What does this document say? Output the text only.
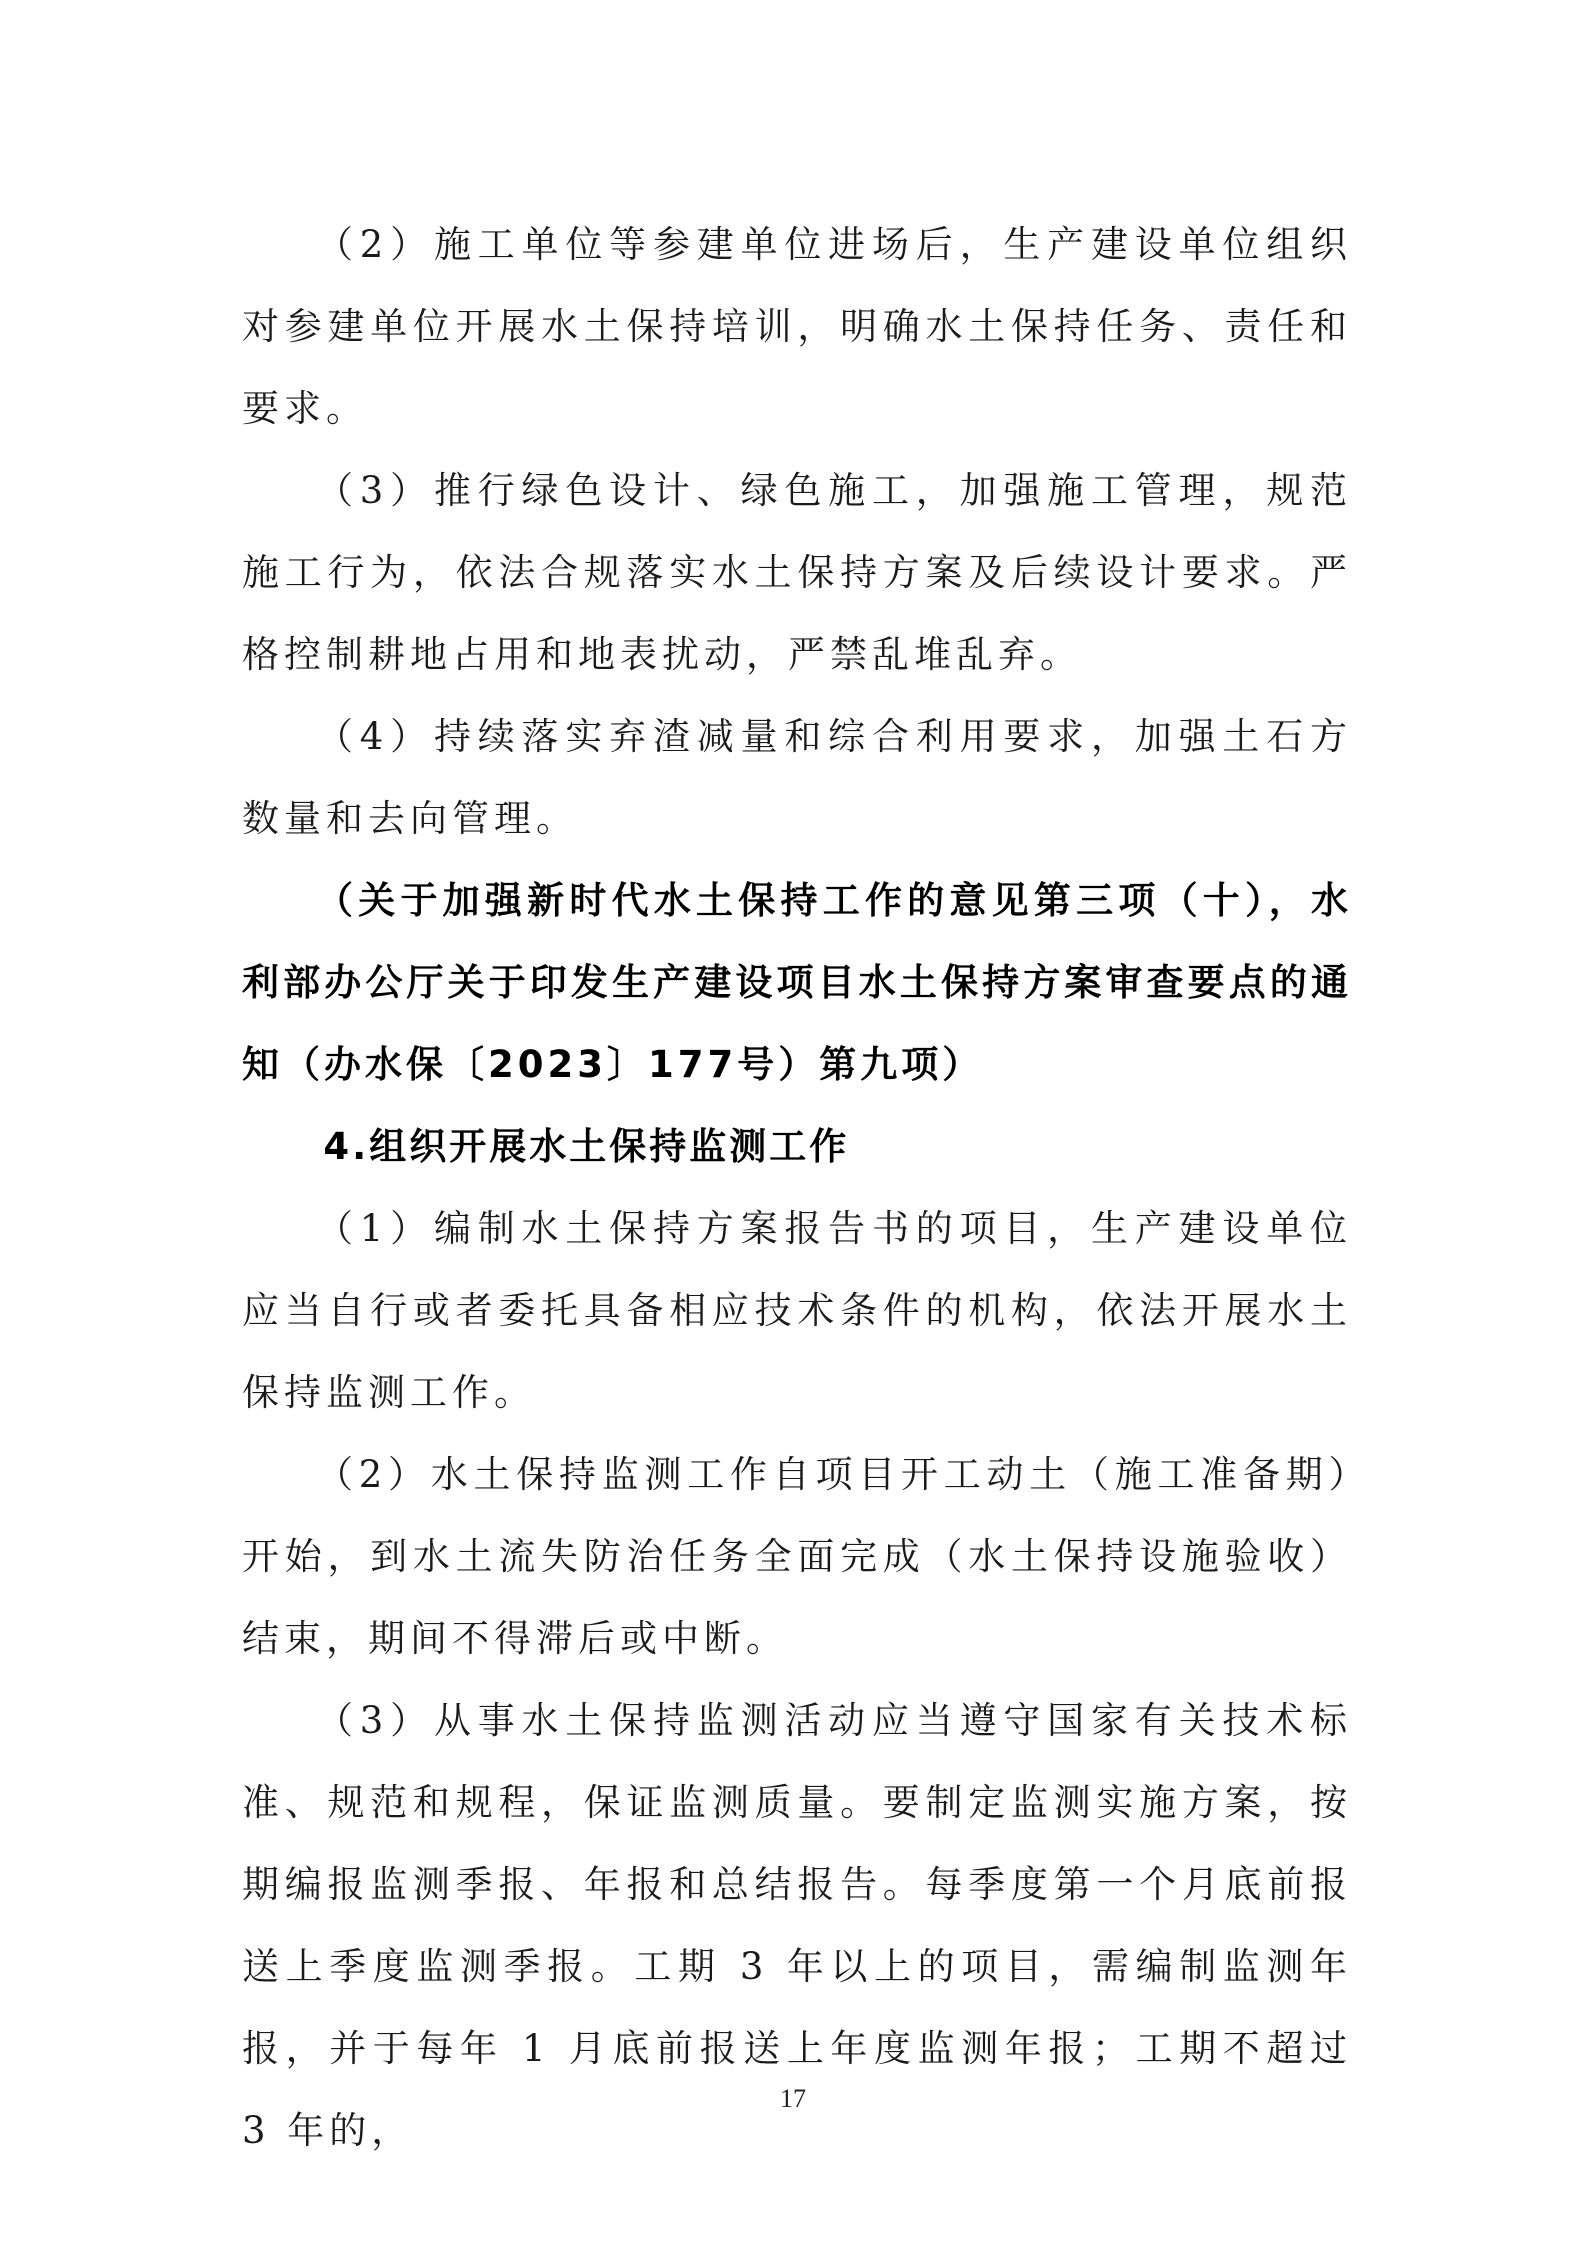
（2）施工单位等参建单位进场后，生产建设单位组织对参建单位开展水土保持培训，明确水土保持任务、责任和要求。

（3）推行绿色设计、绿色施工，加强施工管理，规范施工行为，依法合规落实水土保持方案及后续设计要求。严格控制耕地占用和地表扰动，严禁乱堆乱弃。

（4）持续落实弃渣减量和综合利用要求，加强土石方数量和去向管理。

（关于加强新时代水土保持工作的意见第三项（十），水利部办公厅关于印发生产建设项目水土保持方案审查要点的通知（办水保〔2023〕177号）第九项）

4.组织开展水土保持监测工作

（1）编制水土保持方案报告书的项目，生产建设单位应当自行或者委托具备相应技术条件的机构，依法开展水土保持监测工作。

（2）水土保持监测工作自项目开工动土（施工准备期）开始，到水土流失防治任务全面完成（水土保持设施验收）结束，期间不得滞后或中断。

（3）从事水土保持监测活动应当遵守国家有关技术标准、规范和规程，保证监测质量。要制定监测实施方案，按期编报监测季报、年报和总结报告。每季度第一个月底前报送上季度监测季报。工期 3 年以上的项目，需编制监测年报，并于每年 1 月底前报送上年度监测年报；工期不超过 3 年的，

17
